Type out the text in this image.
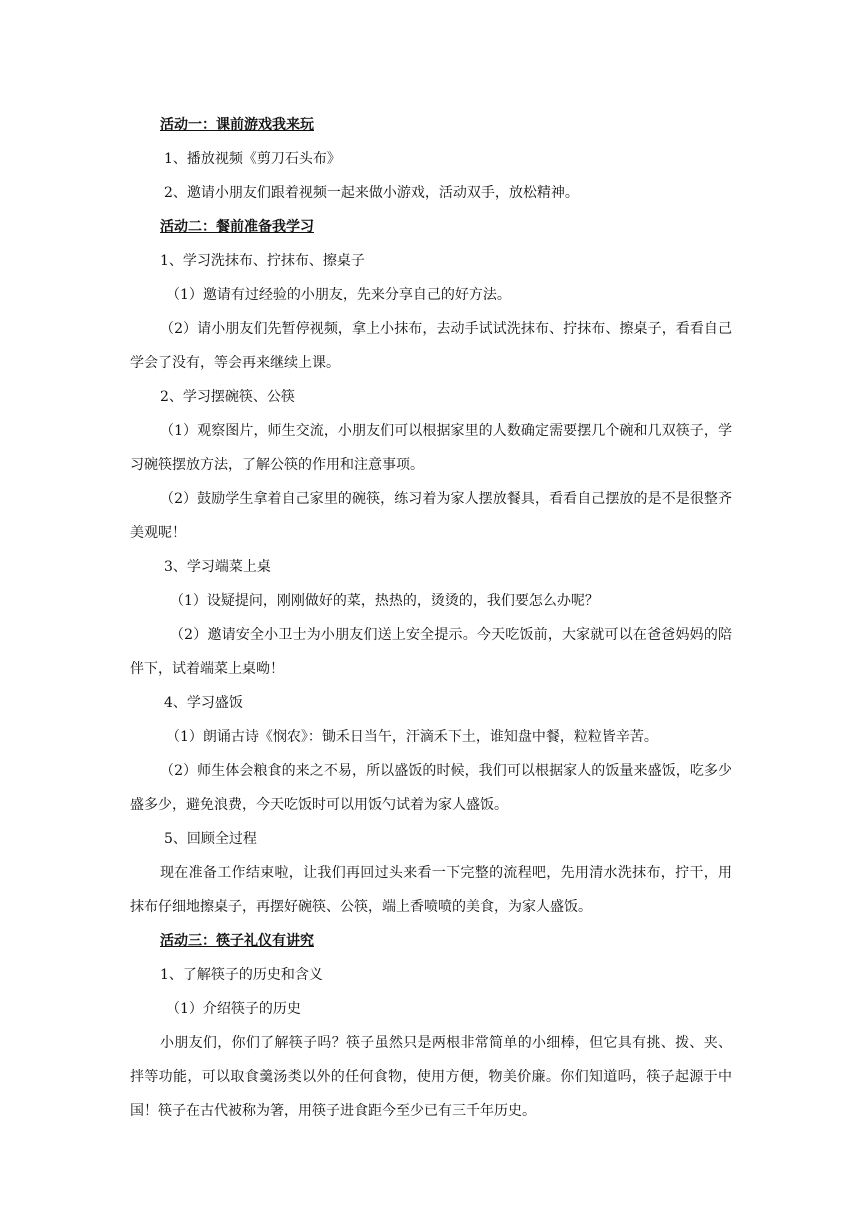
活动一：课前游戏我来玩
1、播放视频《剪刀石头布》
2、邀请小朋友们跟着视频一起来做小游戏，活动双手，放松精神。
活动二：餐前准备我学习
1、学习洗抹布、拧抹布、擦桌子
（1）邀请有过经验的小朋友，先来分享自己的好方法。
（2）请小朋友们先暂停视频，拿上小抹布，去动手试试洗抹布、拧抹布、擦桌子，看看自己学会了没有，等会再来继续上课。
2、学习摆碗筷、公筷
（1）观察图片，师生交流，小朋友们可以根据家里的人数确定需要摆几个碗和几双筷子，学习碗筷摆放方法，了解公筷的作用和注意事项。
（2）鼓励学生拿着自己家里的碗筷，练习着为家人摆放餐具，看看自己摆放的是不是很整齐美观呢！
3、学习端菜上桌
（1）设疑提问，刚刚做好的菜，热热的，烫烫的，我们要怎么办呢？
（2）邀请安全小卫士为小朋友们送上安全提示。今天吃饭前，大家就可以在爸爸妈妈的陪伴下，试着端菜上桌呦！
4、学习盛饭
（1）朗诵古诗《悯农》：锄禾日当午，汗滴禾下土，谁知盘中餐，粒粒皆辛苦。
（2）师生体会粮食的来之不易，所以盛饭的时候，我们可以根据家人的饭量来盛饭，吃多少盛多少，避免浪费，今天吃饭时可以用饭勺试着为家人盛饭。
5、回顾全过程
现在准备工作结束啦，让我们再回过头来看一下完整的流程吧，先用清水洗抹布，拧干，用抹布仔细地擦桌子，再摆好碗筷、公筷，端上香喷喷的美食，为家人盛饭。
活动三：筷子礼仪有讲究
1、了解筷子的历史和含义
（1）介绍筷子的历史
小朋友们，你们了解筷子吗？筷子虽然只是两根非常简单的小细棒，但它具有挑、拨、夹、拌等功能，可以取食羹汤类以外的任何食物，使用方便，物美价廉。你们知道吗，筷子起源于中国！筷子在古代被称为箸，用筷子进食距今至少已有三千年历史。
